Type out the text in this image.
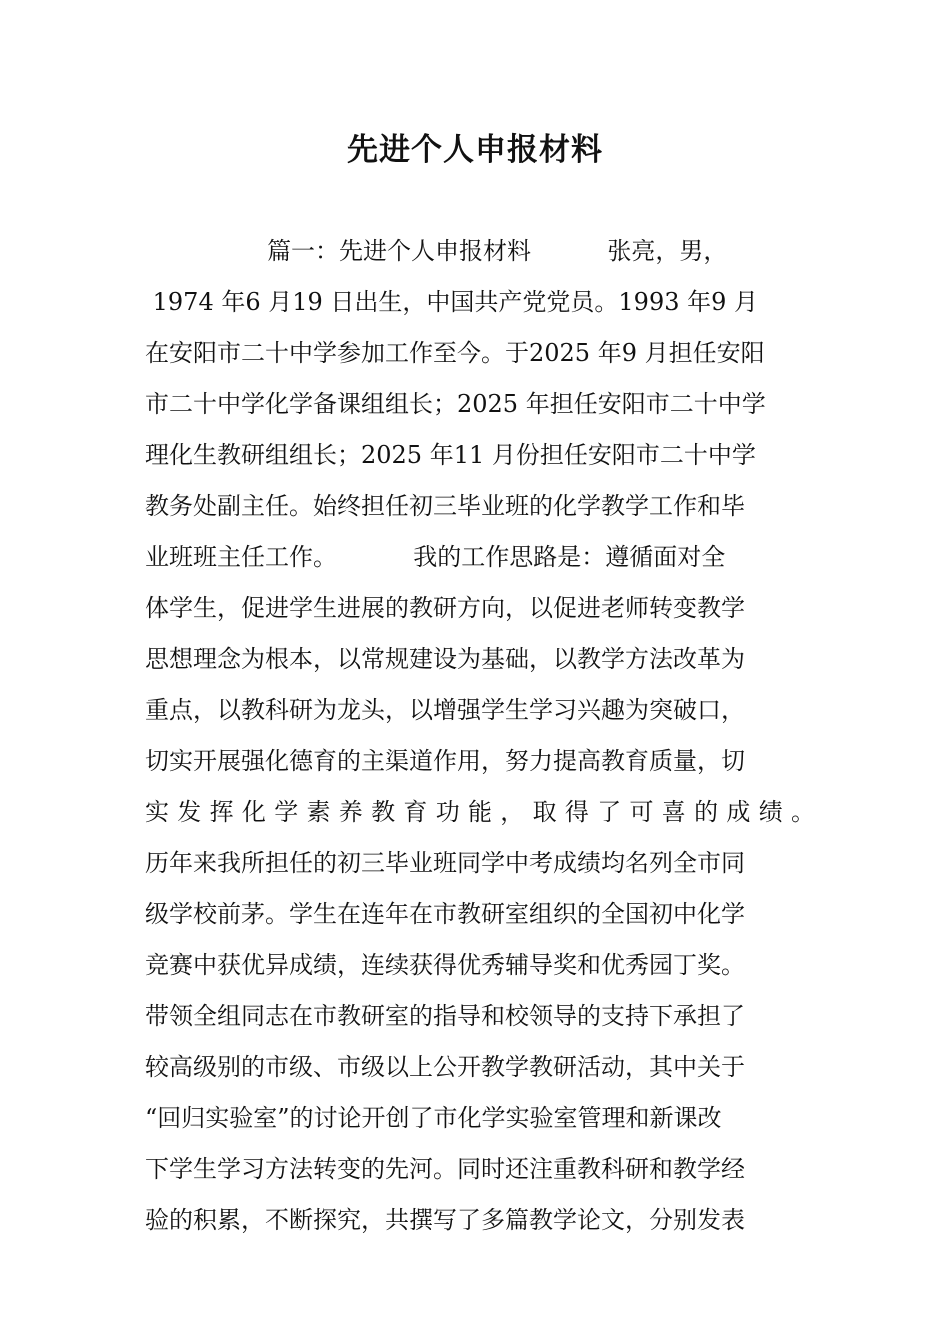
先进个人申报材料
篇一：先进个人申报材料          张亮，男，
1974 年6 月19 日出生，中国共产党党员。1993 年9 月
在安阳市二十中学参加工作至今。于2025 年9 月担任安阳
市二十中学化学备课组组长；2025 年担任安阳市二十中学
理化生教研组组长；2025 年11 月份担任安阳市二十中学
教务处副主任。始终担任初三毕业班的化学教学工作和毕
业班班主任工作。          我的工作思路是：遵循面对全
体学生，促进学生进展的教研方向，以促进老师转变教学
思想理念为根本，以常规建设为基础，以教学方法改革为
重点，以教科研为龙头，以增强学生学习兴趣为突破口，
切实开展强化德育的主渠道作用，努力提高教育质量，切
实发挥化学素养教育功能，取得了可喜的成绩。
历年来我所担任的初三毕业班同学中考成绩均名列全市同
级学校前茅。学生在连年在市教研室组织的全国初中化学
竞赛中获优异成绩，连续获得优秀辅导奖和优秀园丁奖。
带领全组同志在市教研室的指导和校领导的支持下承担了
较高级别的市级、市级以上公开教学教研活动，其中关于
“回归实验室”的讨论开创了市化学实验室管理和新课改
下学生学习方法转变的先河。同时还注重教科研和教学经
验的积累，不断探究，共撰写了多篇教学论文，分别发表
